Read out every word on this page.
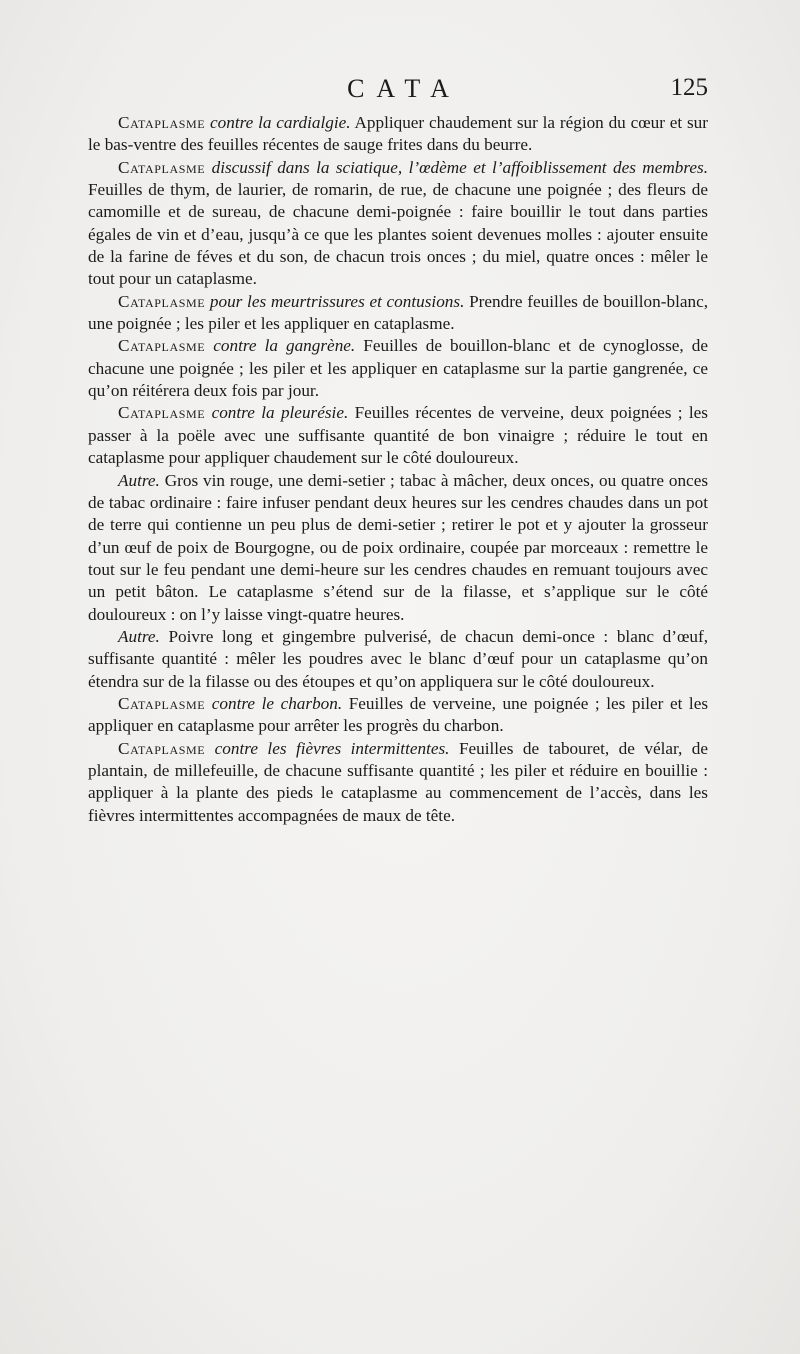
CATA	125

Cataplasme contre la cardialgie. Appliquer chaudement sur la région du cœur et sur le bas-ventre des feuilles récentes de sauge frites dans du beurre.

Cataplasme discussif dans la sciatique, l’œdème et l’affoiblissement des membres. Feuilles de thym, de laurier, de romarin, de rue, de chacune une poignée ; des fleurs de camomille et de sureau, de chacune demi-poignée : faire bouillir le tout dans parties égales de vin et d’eau, jusqu’à ce que les plantes soient devenues molles : ajouter ensuite de la farine de féves et du son, de chacun trois onces ; du miel, quatre onces : mêler le tout pour un cataplasme.

Cataplasme pour les meurtrissures et contusions. Prendre feuilles de bouillon-blanc, une poignée ; les piler et les appliquer en cataplasme.

Cataplasme contre la gangrène. Feuilles de bouillon-blanc et de cynoglosse, de chacune une poignée ; les piler et les appliquer en cataplasme sur la partie gangrenée, ce qu’on réitérera deux fois par jour.

Cataplasme contre la pleurésie. Feuilles récentes de verveine, deux poignées ; les passer à la poële avec une suffisante quantité de bon vinaigre ; réduire le tout en cataplasme pour appliquer chaudement sur le côté douloureux.

Autre. Gros vin rouge, une demi-setier ; tabac à mâcher, deux onces, ou quatre onces de tabac ordinaire : faire infuser pendant deux heures sur les cendres chaudes dans un pot de terre qui contienne un peu plus de demi-setier ; retirer le pot et y ajouter la grosseur d’un œuf de poix de Bourgogne, ou de poix ordinaire, coupée par morceaux : remettre le tout sur le feu pendant une demi-heure sur les cendres chaudes en remuant toujours avec un petit bâton. Le cataplasme s’étend sur de la filasse, et s’applique sur le côté douloureux : on l’y laisse vingt-quatre heures.

Autre. Poivre long et gingembre pulverisé, de chacun demi-once : blanc d’œuf, suffisante quantité : mêler les poudres avec le blanc d’œuf pour un cataplasme qu’on étendra sur de la filasse ou des étoupes et qu’on appliquera sur le côté douloureux.

Cataplasme contre le charbon. Feuilles de verveine, une poignée ; les piler et les appliquer en cataplasme pour arrêter les progrès du charbon.

Cataplasme contre les fièvres intermittentes. Feuilles de tabouret, de vélar, de plantain, de millefeuille, de chacune suffisante quantité ; les piler et réduire en bouillie : appliquer à la plante des pieds le cataplasme au commencement de l’accès, dans les fièvres intermittentes accompagnées de maux de tête.
